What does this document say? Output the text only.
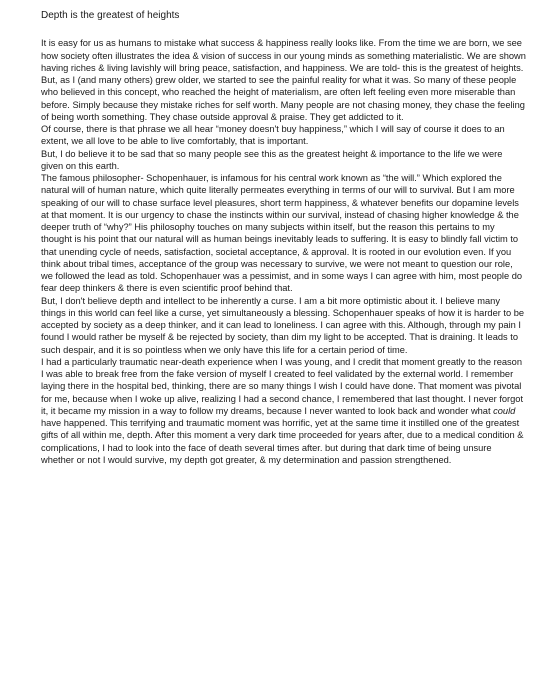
Depth is the greatest of heights

It is easy for us as humans to mistake what success & happiness really looks like. From the time we are born, we see how society often illustrates the idea & vision of success in our young minds as something materialistic. We are shown having riches & living lavishly will bring peace, satisfaction, and happiness. We are told- this is the greatest of heights.

But, as I (and many others) grew older, we started to see the painful reality for what it was. So many of these people who believed in this concept, who reached the height of materialism, are often left feeling even more miserable than before. Simply because they mistake riches for self worth. Many people are not chasing money, they chase the feeling of being worth something. They chase outside approval & praise. They get addicted to it.

Of course, there is that phrase we all hear “money doesn't buy happiness,” which I will say of course it does to an extent, we all love to be able to live comfortably, that is important.

But, I do believe it to be sad that so many people see this as the greatest height & importance to the life we were given on this earth.

The famous philosopher- Schopenhauer, is infamous for his central work known as “the will.” Which explored the natural will of human nature, which quite literally permeates everything in terms of our will to survival. But I am more speaking of our will to chase surface level pleasures, short term happiness, & whatever benefits our dopamine levels at that moment. It is our urgency to chase the instincts within our survival, instead of chasing higher knowledge & the deeper truth of “why?” His philosophy touches on many subjects within itself, but the reason this pertains to my thought is his point that our natural will as human beings inevitably leads to suffering. It is easy to blindly fall victim to that unending cycle of needs, satisfaction, societal acceptance, & approval. It is rooted in our evolution even. If you think about tribal times, acceptance of the group was necessary to survive, we were not meant to question our role, we followed the lead as told. Schopenhauer was a pessimist, and in some ways I can agree with him, most people do fear deep thinkers & there is even scientific proof behind that.

But, I don't believe depth and intellect to be inherently a curse. I am a bit more optimistic about it. I believe many things in this world can feel like a curse, yet simultaneously a blessing. Schopenhauer speaks of how it is harder to be accepted by society as a deep thinker, and it can lead to loneliness. I can agree with this. Although, through my pain I found I would rather be myself & be rejected by society, than dim my light to be accepted. That is draining. It leads to such despair, and it is so pointless when we only have this life for a certain period of time.

I had a particularly traumatic near-death experience when I was young, and I credit that moment greatly to the reason I was able to break free from the fake version of myself I created to feel validated by the external world. I remember laying there in the hospital bed, thinking, there are so many things I wish I could have done. That moment was pivotal for me, because when I woke up alive, realizing I had a second chance, I remembered that last thought. I never forgot it, it became my mission in a way to follow my dreams, because I never wanted to look back and wonder what could have happened. This terrifying and traumatic moment was horrific, yet at the same time it instilled one of the greatest gifts of all within me, depth. After this moment a very dark time proceeded for years after, due to a medical condition & complications, I had to look into the face of death several times after. but during that dark time of being unsure whether or not I would survive, my depth got greater, & my determination and passion strengthened.
